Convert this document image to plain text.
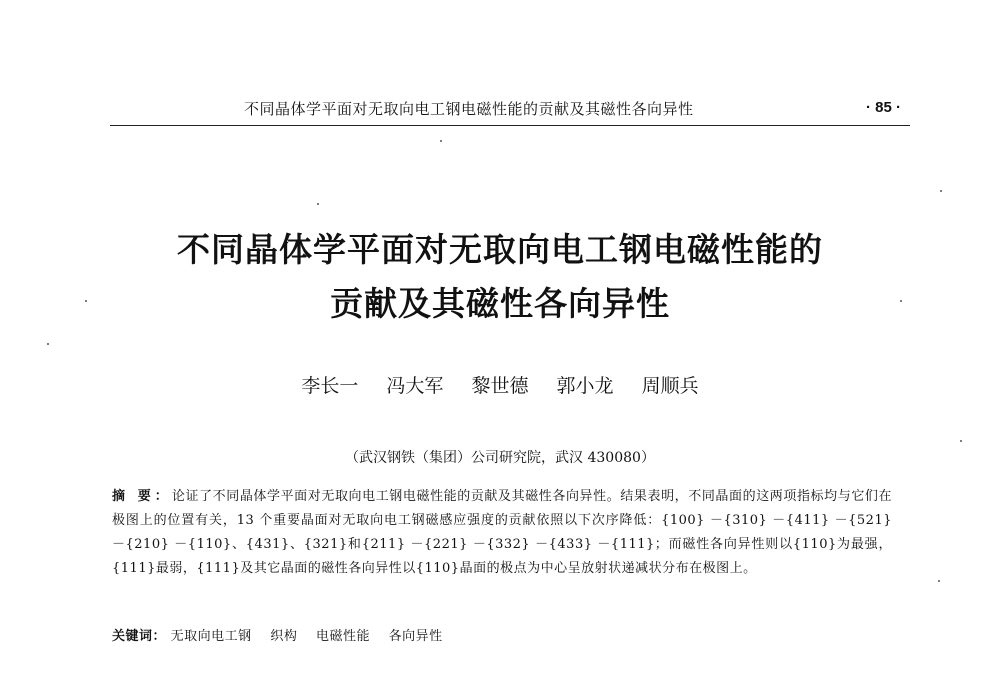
不同晶体学平面对无取向电工钢电磁性能的贡献及其磁性各向异性	· 85 ·
不同晶体学平面对无取向电工钢电磁性能的
贡献及其磁性各向异性
李长一 冯大军 黎世德 郭小龙 周顺兵
（武汉钢铁（集团）公司研究院，武汉 430080）
摘 要：论证了不同晶体学平面对无取向电工钢电磁性能的贡献及其磁性各向异性。结果表明，不同晶面的这两项指标均与它们在极图上的位置有关，13 个重要晶面对无取向电工钢磁感应强度的贡献依照以下次序降低：{100} －{310} －{411} －{521} －{210} －{110}、{431}、{321}和{211} －{221} －{332} －{433} －{111}；而磁性各向异性则以{110}为最强，{111}最弱，{111}及其它晶面的磁性各向异性以{110}晶面的极点为中心呈放射状递减状分布在极图上。
关键词： 无取向电工钢 织构 电磁性能 各向异性
